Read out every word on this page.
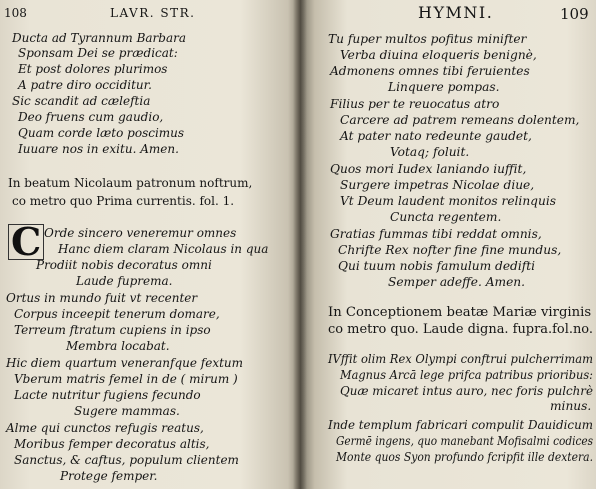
108	LAVR. STR.
Ducta ad Tyrannum Barbara
Sponsam Dei se prædicat:
Et post dolores plurimos
A patre diro occiditur.
Sic scandit ad cæleftia
Deo fruens cum gaudio,
Quam corde læto poscimus
Iuuare nos in exitu. Amen.
In beatum Nicolaum patronum noftrum,
co metro quo Prima currentis. fol. 1.
C Orde sincero veneremur omnes
Hanc diem claram Nicolaus in qua
Prodiit nobis decoratus omni
Laude fuprema.
Ortus in mundo fuit vt recenter
Corpus inceepit tenerum domare,
Terreum ftratum cupiens in ipso
Membra locabat.
Hic diem quartum veneranfque fextum
Vberum matris femel in de ( mirum )
Lacte nutritur fugiens fecundo
Sugere mammas.
Alme qui cunctos refugis reatus,
Moribus femper decoratus altis,
Sanctus, & caftus, populum clientem
Protege femper.
HYMNI.	109
Tu fuper multos pofitus minifter
Verba diuina eloqueris benignè,
Admonens omnes tibi feruientes
Linquere pompas.
Filius per te reuocatus atro
Carcere ad patrem remeans dolentem,
At pater nato redeunte gaudet,
Votaq; foluit.
Quos mori Iudex laniando iuffit,
Surgere impetras Nicolae diue,
Vt Deum laudent monitos relinquis
Cuncta regentem.
Gratias fummas tibi reddat omnis,
Chrifte Rex nofter fine fine mundus,
Qui tuum nobis famulum dedifti
Semper adeffe. Amen.
In Conceptionem beatæ Mariæ virginis
co metro quo. Laude digna. fupra.fol.no.
IVffit olim Rex Olympi conftrui pulcherrimam
Magnus Arcā lege prifca patribus prioribus:
Quæ micaret intus auro, nec foris pulchrè
minus.
Inde templum fabricari compulit Dauidicum
Germē ingens, quo manebant Mofisalmi codices
Monte quos Syon profundo fcripfit ille dextera.
